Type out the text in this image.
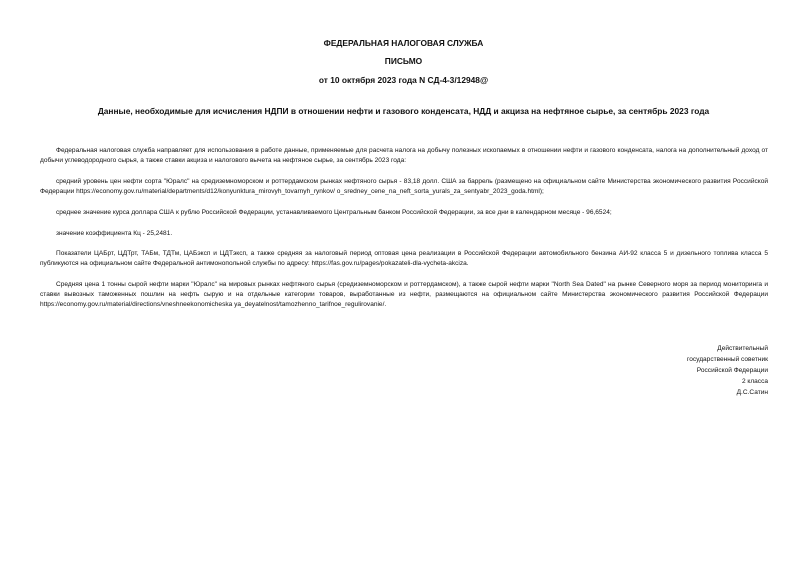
ФЕДЕРАЛЬНАЯ НАЛОГОВАЯ СЛУЖБА
ПИСЬМО
от 10 октября 2023 года N СД-4-3/12948@
Данные, необходимые для исчисления НДПИ в отношении нефти и газового конденсата, НДД и акциза на нефтяное сырье, за сентябрь 2023 года

Федеральная налоговая служба направляет для использования в работе данные, применяемые для расчета налога на добычу полезных ископаемых в отношении нефти и газового конденсата, налога на дополнительный доход от добычи углеводородного сырья, а также ставки акциза и налогового вычета на нефтяное сырье, за сентябрь 2023 года:

средний уровень цен нефти сорта "Юралс" на средиземноморском и роттердамском рынках нефтяного сырья - 83,18 долл. США за баррель (размещено на официальном сайте Министерства экономического развития Российской Федерации https://economy.gov.ru/material/departments/d12/konyunktura_mirovyh_tovarnyh_rynkov/ o_sredney_cene_na_neft_sorta_yurals_za_sentyabr_2023_goda.html);

среднее значение курса доллара США к рублю Российской Федерации, устанавливаемого Центральным банком Российской Федерации, за все дни в календарном месяце - 96,6524;

значение коэффициента Кц - 25,2481.

Показатели ЦАБрт, ЦДТрт, ТАБм, ТДТм, ЦАБэксп и ЦДТэксп, а также средняя за налоговый период оптовая цена реализации в Российской Федерации автомобильного бензина АИ-92 класса 5 и дизельного топлива класса 5 публикуются на официальном сайте Федеральной антимонопольной службы по адресу: https://fas.gov.ru/pages/pokazateli-dla-vycheta-akciza.

Средняя цена 1 тонны сырой нефти марки "Юралс" на мировых рынках нефтяного сырья (средиземноморском и роттердамском), а также сырой нефти марки "North Sea Dated" на рынке Северного моря за период мониторинга и ставки вывозных таможенных пошлин на нефть сырую и на отдельные категории товаров, выработанные из нефти, размещаются на официальном сайте Министерства экономического развития Российской Федерации https://economy.gov.ru/material/directions/vneshneekonomicheska ya_deyatelnost/tamozhenno_tarifnoe_regulirovanie/.

Действительный
государственный советник
Российской Федерации
2 класса
Д.С.Сатин
